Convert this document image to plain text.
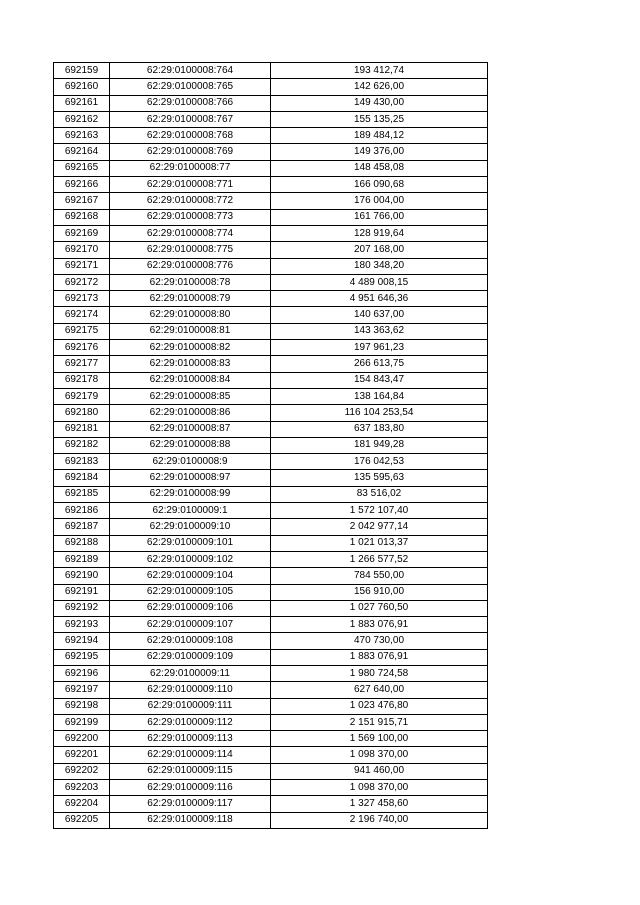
692159	62:29:0100008:764	193 412,74
692160	62:29:0100008:765	142 626,00
692161	62:29:0100008:766	149 430,00
692162	62:29:0100008:767	155 135,25
692163	62:29:0100008:768	189 484,12
692164	62:29:0100008:769	149 376,00
692165	62:29:0100008:77	148 458,08
692166	62:29:0100008:771	166 090,68
692167	62:29:0100008:772	176 004,00
692168	62:29:0100008:773	161 766,00
692169	62:29:0100008:774	128 919,64
692170	62:29:0100008:775	207 168,00
692171	62:29:0100008:776	180 348,20
692172	62:29:0100008:78	4 489 008,15
692173	62:29:0100008:79	4 951 646,36
692174	62:29:0100008:80	140 637,00
692175	62:29:0100008:81	143 363,62
692176	62:29:0100008:82	197 961,23
692177	62:29:0100008:83	266 613,75
692178	62:29:0100008:84	154 843,47
692179	62:29:0100008:85	138 164,84
692180	62:29:0100008:86	116 104 253,54
692181	62:29:0100008:87	637 183,80
692182	62:29:0100008:88	181 949,28
692183	62:29:0100008:9	176 042,53
692184	62:29:0100008:97	135 595,63
692185	62:29:0100008:99	83 516,02
692186	62:29:0100009:1	1 572 107,40
692187	62:29:0100009:10	2 042 977,14
692188	62:29:0100009:101	1 021 013,37
692189	62:29:0100009:102	1 266 577,52
692190	62:29:0100009:104	784 550,00
692191	62:29:0100009:105	156 910,00
692192	62:29:0100009:106	1 027 760,50
692193	62:29:0100009:107	1 883 076,91
692194	62:29:0100009:108	470 730,00
692195	62:29:0100009:109	1 883 076,91
692196	62:29:0100009:11	1 980 724,58
692197	62:29:0100009:110	627 640,00
692198	62:29:0100009:111	1 023 476,80
692199	62:29:0100009:112	2 151 915,71
692200	62:29:0100009:113	1 569 100,00
692201	62:29:0100009:114	1 098 370,00
692202	62:29:0100009:115	941 460,00
692203	62:29:0100009:116	1 098 370,00
692204	62:29:0100009:117	1 327 458,60
692205	62:29:0100009:118	2 196 740,00
